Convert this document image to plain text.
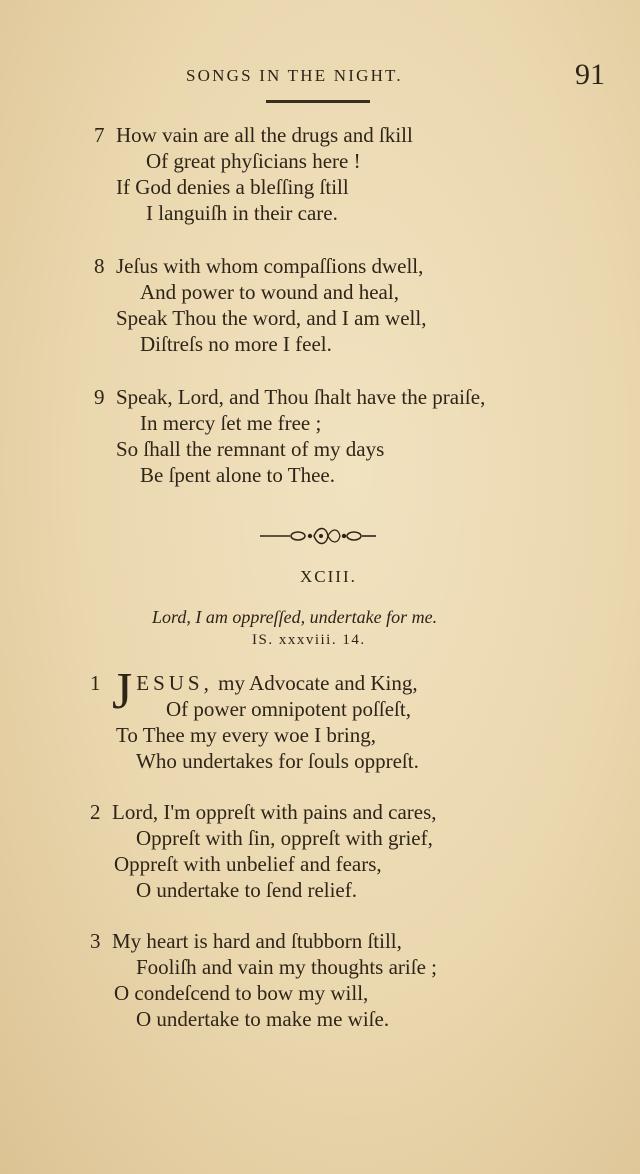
SONGS IN THE NIGHT.	91
7 How vain are all the drugs and ſkill
Of great phyſicians here !
If God denies a bleſſing ſtill
I languiſh in their care.
8 Jeſus with whom compaſſions dwell,
And power to wound and heal,
Speak Thou the word, and I am well,
Diſtreſs no more I feel.
9 Speak, Lord, and Thou ſhalt have the praiſe,
In mercy ſet me free ;
So ſhall the remnant of my days
Be ſpent alone to Thee.
XCIII.
Lord, I am oppreſſed, undertake for me.
IS. xxxviii. 14.
1 J ESUS, my Advocate and King,
Of power omnipotent poſſeſt,
To Thee my every woe I bring,
Who undertakes for ſouls oppreſt.
2 Lord, I'm oppreſt with pains and cares,
Oppreſt with ſin, oppreſt with grief,
Oppreſt with unbelief and fears,
O undertake to ſend relief.
3 My heart is hard and ſtubborn ſtill,
Fooliſh and vain my thoughts ariſe ;
O condeſcend to bow my will,
O undertake to make me wiſe.
